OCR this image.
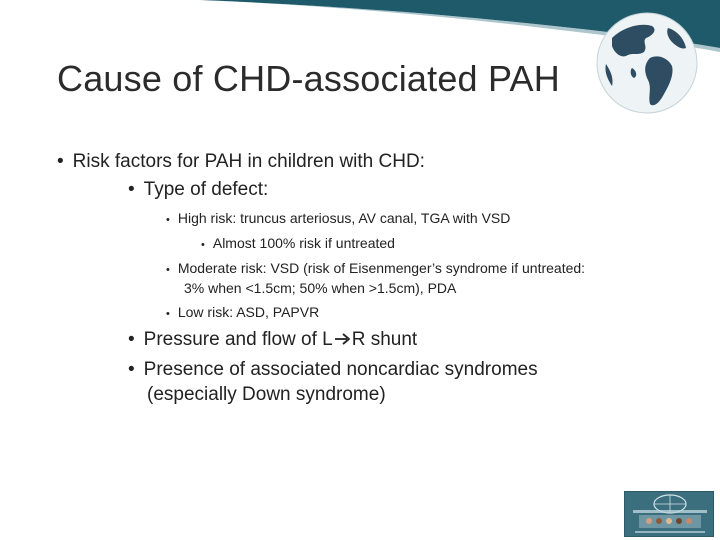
Cause of CHD-associated PAH
• Risk factors for PAH in children with CHD:
• Type of defect:
• High risk: truncus arteriosus, AV canal, TGA with VSD
• Almost 100% risk if untreated
• Moderate risk: VSD (risk of Eisenmenger’s syndrome if untreated:
3% when <1.5cm; 50% when >1.5cm), PDA
• Low risk: ASD, PAPVR
• Pressure and flow of L R shunt
• Presence of associated noncardiac syndromes
(especially Down syndrome)
